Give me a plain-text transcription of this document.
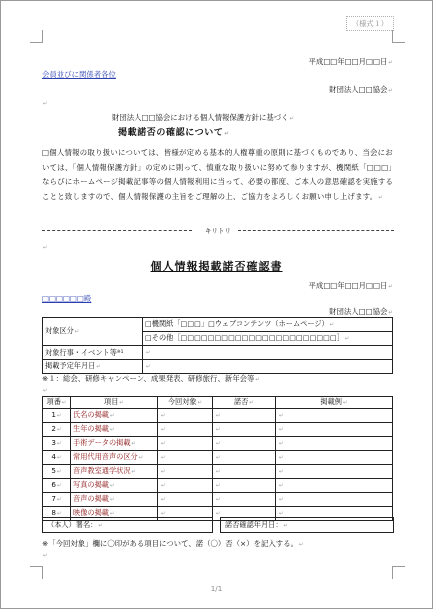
（様式１）
平成□□年□□月□□日 ↵
会員並びに関係者各位
財団法人□□協会 ↵
↵
財団法人□□協会における個人情報保護方針に基づく ↵
掲載諾否の確認について ↵
□個人情報の取り扱いについては、皆様が定める基本的人権尊重の原則に基づくものであり、当会においては、「個人情報保護方針」の定めに則って、慎重な取り扱いに努めて参りますが、機関紙「□□□」ならびにホームページ掲載記事等の個人情報利用に当って、必要の都度、ご本人の意思確認を実施することと致しますので、個人情報保護の主旨をご理解の上、ご協力をよろしくお願い申し上げます。 ↵
キリトリ
↵
個人情報掲載諾否確認書
平成□□年□□月□□日 ↵
□□□□□□殿
財団法人□□協会 ↵
対象区分 ↵	□機関紙「□□□」□ウェブコンテンツ（ホームページ） ↵
	□その他［□□□□□□□□□□□□□□□□□□□□□□□］ ↵
対象行事・イベント等$^{※1}$	↵
掲載予定年月日 ↵	↵
※１：総会、研修キャンペーン、成果発表、研修旅行、新年会等 ↵
↵
項番 ↵	項目 ↵	今回対象 ↵	諾否 ↵	掲載例 ↵
1 ↵	氏名の掲載 ↵	↵	↵	↵
2 ↵	生年の掲載 ↵	↵	↵	↵
3 ↵	手術データの掲載 ↵	↵	↵	↵
4 ↵	常用代用音声の区分 ↵	↵	↵	↵
5 ↵	音声教室通学状況 ↵	↵	↵	↵
6 ↵	写真の掲載 ↵	↵	↵	↵
7 ↵	音声の掲載 ↵	↵	↵	↵
8 ↵	映像の掲載 ↵	↵	↵	↵
（本人）署名： ↵	諾否確認年月日： ↵
※「今回対象」欄に〇印がある項目について、諾（〇）否（×）を記入する。 ↵
↵
1/1
